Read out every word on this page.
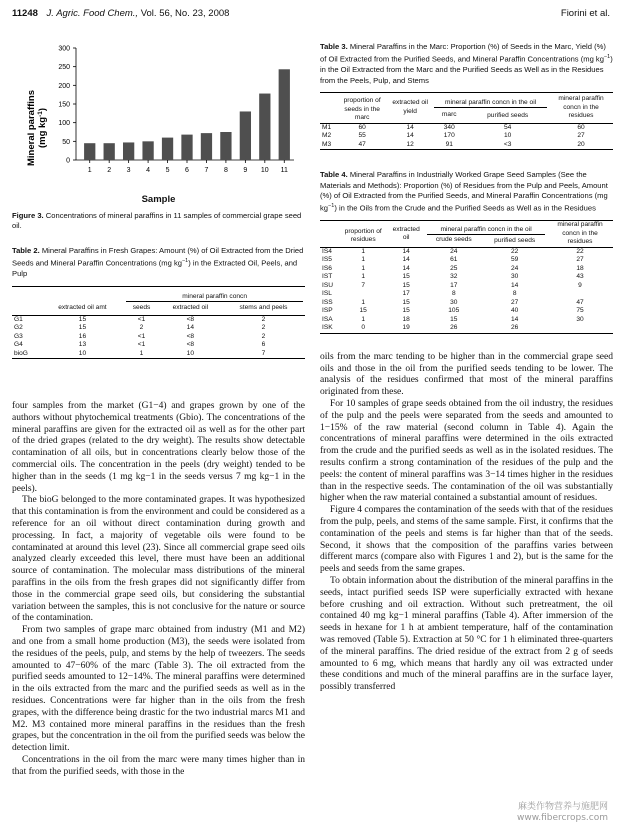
11248 J. Agric. Food Chem., Vol. 56, No. 23, 2008	Fiorini et al.
Mineral paraffins (mg $kg^{-1}$)
0
50
100
150
200
250
300
1 2 3 4 5 6 7 8 9 10 11
Sample

Figure 3. Concentrations of mineral paraffins in 11 samples of commercial grape seed oil.

Table 2. Mineral Paraffins in Fresh Grapes: Amount (%) of Oil Extracted from the Dried Seeds and Mineral Paraffin Concentrations (mg $kg^{-1}$) in the Extracted Oil, Peels, and Pulp

		mineral paraffin concn		

	extracted oil amt	seeds	extracted oil	stems and peels
G1	15	<1	<8	2
G2	15	2	14	2
G3	16	<1	<8	2
G4	13	<1	<8	6
bioG	10	1	10	7

four samples from the market (G1−4) and grapes grown by one of the authors without phytochemical treatments (Gbio). The concentrations of the mineral paraffins are given for the extracted oil as well as for the other part of the dried grapes (related to the dry weight). The results show detectable contamination of all oils, but in concentrations clearly below those of the commercial oils. The concentration in the peels (dry weight) tended to be higher than in the seeds (1 mg kg−1 in the seeds versus 7 mg kg−1 in the peels).

The bioG belonged to the more contaminated grapes. It was hypothesized that this contamination is from the environment and could be considered as a reference for an oil without direct contamination during growth and processing. In fact, a majority of vegetable oils were found to be contaminated at around this level (23). Since all commercial grape seed oils analyzed clearly exceeded this level, there must have been an additional source of contamination. The molecular mass distributions of the mineral paraffins in the oils from the fresh grapes did not significantly differ from those in the commercial grape seed oils, but considering the substantial variation between the samples, this is not conclusive for the nature or source of the contamination.

From two samples of grape marc obtained from industry (M1 and M2) and one from a small home production (M3), the seeds were isolated from the residues of the peels, pulp, and stems by the help of tweezers. The seeds amounted to 47−60% of the marc (Table 3). The oil extracted from the purified seeds amounted to 12−14%. The mineral paraffins were determined in the oils extracted from the marc and the purified seeds as well as in the residues. Concentrations were far higher than in the oils from the fresh grapes, with the difference being drastic for the two industrial marcs M1 and M2. M3 contained more mineral paraffins in the residues than the fresh grapes, but the concentration in the oil from the purified seeds was below the detection limit.

Concentrations in the oil from the marc were many times higher than in that from the purified seeds, with those in the

Table 3. Mineral Paraffins in the Marc: Proportion (%) of Seeds in the Marc, Yield (%) of Oil Extracted from the Purified Seeds, and Mineral Paraffin Concentrations (mg $kg^{-1}$) in the Oil Extracted from the Marc and the Purified Seeds as Well as in the Residues from the Peels, Pulp, and Stems

	proportion of seeds in the marc	extracted oil yield	mineral paraffin concn in the oil		mineral paraffin concn in the residues
			marc	purified seeds	
M1	60	14	340	54	60
M2	55	14	170	10	27
M3	47	12	91	<3	20

Table 4. Mineral Paraffins in Industrially Worked Grape Seed Samples (See the Materials and Methods): Proportion (%) of Residues from the Pulp and Peels, Amount (%) of Oil Extracted from the Purified Seeds, and Mineral Paraffin Concentrations (mg $kg^{-1}$) in the Oils from the Crude and the Purified Seeds as Well as in the Residues

	proportion of residues	extracted oil	mineral paraffin concn in the oil		mineral paraffin concn in the residues
			crude seeds	purified seeds	
IS4	1	14	24	22	22
IS5	1	14	61	59	27
IS6	1	14	25	24	18
IST	1	15	32	30	43
ISU	7	15	17	14	9
ISL		17	8	8	
ISS	1	15	30	27	47
ISP	15	15	105	40	75
ISA	1	18	15	14	30
ISK	0	19	26	26	

oils from the marc tending to be higher than in the commercial grape seed oils and those in the oil from the purified seeds tending to be lower. The analysis of the residues confirmed that most of the mineral paraffins originated from these.

For 10 samples of grape seeds obtained from the oil industry, the residues of the pulp and the peels were separated from the seeds and amounted to 1−15% of the raw material (second column in Table 4). Again the concentrations of mineral paraffins were determined in the oils extracted from the crude and the purified seeds as well as in the isolated residues. The results confirm a strong contamination of the residues of the pulp and the peels: the content of mineral paraffins was 3−14 times higher in the residues than in the respective seeds. The contamination of the oil was substantially higher when the raw material contained a substantial amount of residues.

Figure 4 compares the contamination of the seeds with that of the residues from the pulp, peels, and stems of the same sample. First, it confirms that the contamination of the peels and stems is far higher than that of the seeds. Second, it shows that the composition of the paraffins varies between different marcs (compare also with Figures 1 and 2), but is the same for the peels and seeds from the same grapes.

To obtain information about the distribution of the mineral paraffins in the seeds, intact purified seeds ISP were superficially extracted with hexane before crushing and oil extraction. Without such pretreatment, the oil contained 40 mg kg−1 mineral paraffins (Table 4). After immersion of the seeds in hexane for 1 h at ambient temperature, half of the contamination was removed (Table 5). Extraction at 50 °C for 1 h eliminated three-quarters of the mineral paraffins. The dried residue of the extract from 2 g of seeds amounted to 6 mg, which means that hardly any oil was extracted under these conditions and much of the mineral paraffins are in the surface layer, possibly transferred

麻类作物营养与施肥网
www.fibercrops.com
